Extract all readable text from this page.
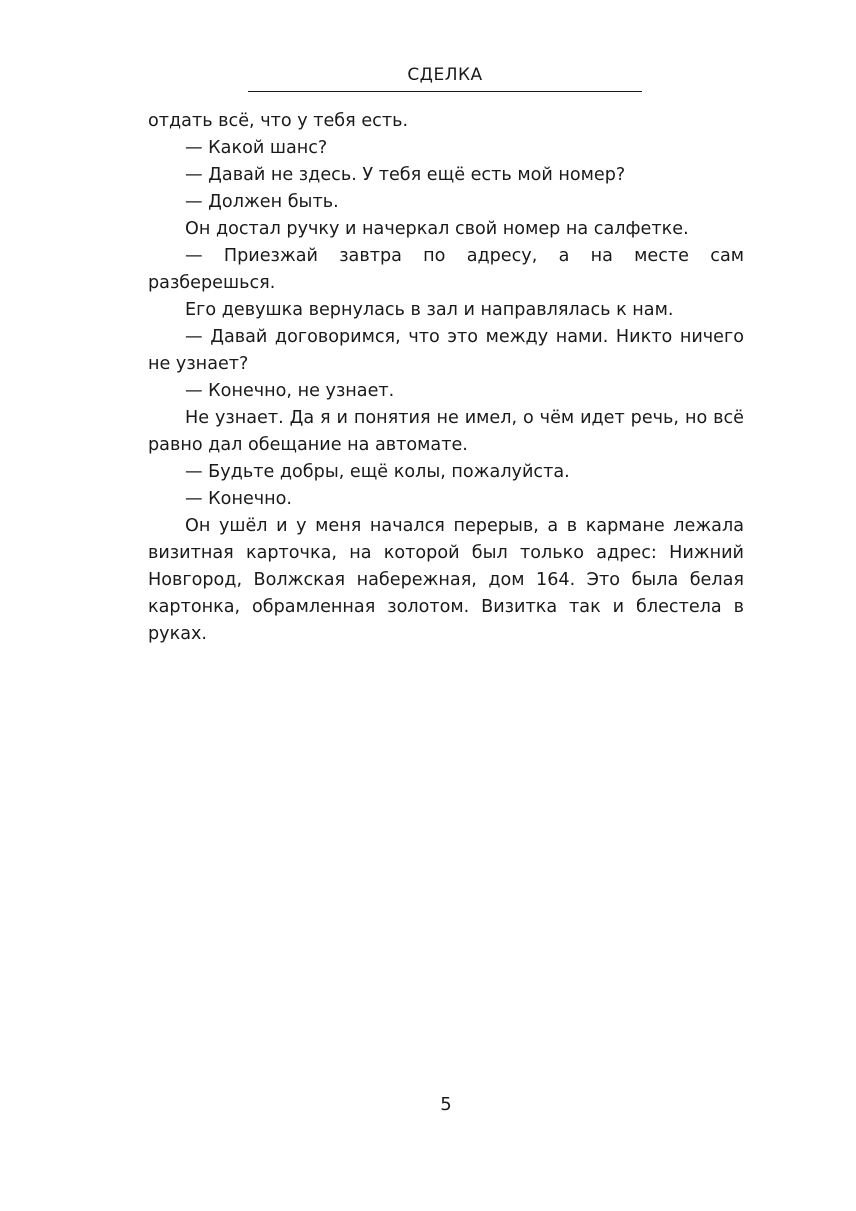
СДЕЛКА

отдать всё, что у тебя есть.

— Какой шанс?

— Давай не здесь. У тебя ещё есть мой номер?

— Должен быть.

Он достал ручку и начеркал свой номер на салфетке.

— Приезжай завтра по адресу, а на месте сам разберешься.

Его девушка вернулась в зал и направлялась к нам.

— Давай договоримся, что это между нами. Никто ничего не узнает?

— Конечно, не узнает.

Не узнает. Да я и понятия не имел, о чём идет речь, но всё равно дал обещание на автомате.

— Будьте добры, ещё колы, пожалуйста.

— Конечно.

Он ушёл и у меня начался перерыв, а в кармане лежала визитная карточка, на которой был только адрес: Нижний Новгород, Волжская набережная, дом 164. Это была белая картонка, обрамленная золотом. Визитка так и блестела в руках.

5
